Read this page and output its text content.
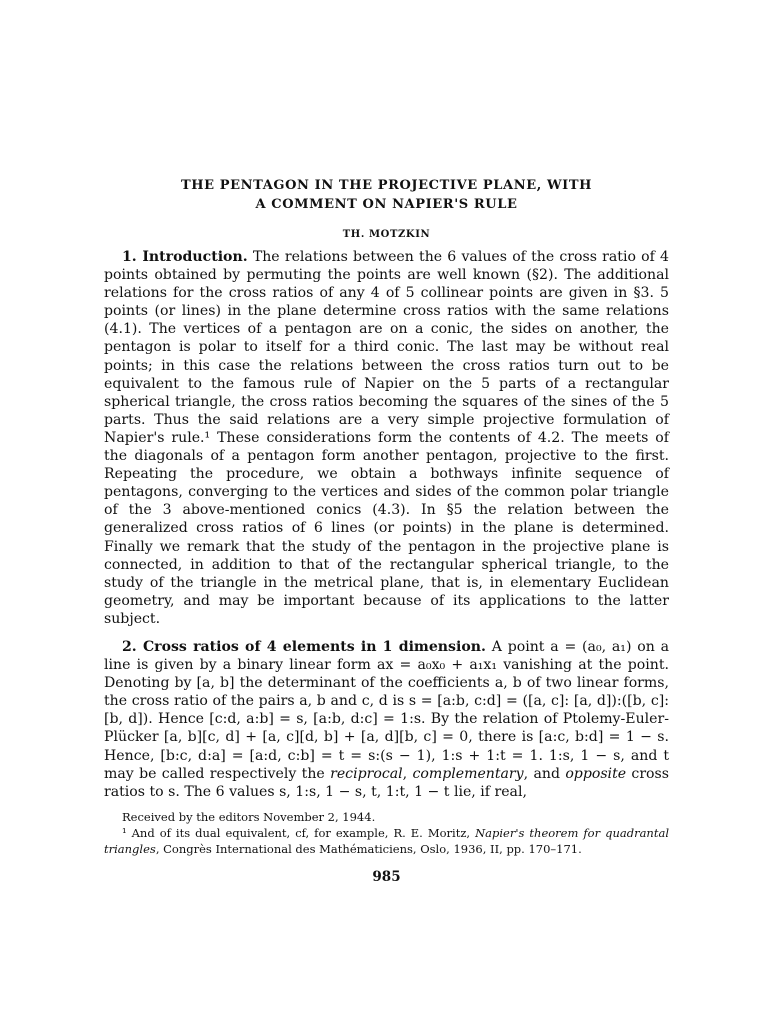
THE PENTAGON IN THE PROJECTIVE PLANE, WITH
A COMMENT ON NAPIER'S RULE
TH. MOTZKIN

1. Introduction. The relations between the 6 values of the cross ratio of 4 points obtained by permuting the points are well known (§2). The additional relations for the cross ratios of any 4 of 5 collinear points are given in §3. 5 points (or lines) in the plane determine cross ratios with the same relations (4.1). The vertices of a pentagon are on a conic, the sides on another, the pentagon is polar to itself for a third conic. The last may be without real points; in this case the relations between the cross ratios turn out to be equivalent to the famous rule of Napier on the 5 parts of a rectangular spherical triangle, the cross ratios becoming the squares of the sines of the 5 parts. Thus the said relations are a very simple projective formulation of Napier's rule.¹ These considerations form the contents of 4.2. The meets of the diagonals of a pentagon form another pentagon, projective to the first. Repeating the procedure, we obtain a bothways infinite sequence of pentagons, converging to the vertices and sides of the common polar triangle of the 3 above-mentioned conics (4.3). In §5 the relation between the generalized cross ratios of 6 lines (or points) in the plane is determined. Finally we remark that the study of the pentagon in the projective plane is connected, in addition to that of the rectangular spherical triangle, to the study of the triangle in the metrical plane, that is, in elementary Euclidean geometry, and may be important because of its applications to the latter subject.

2. Cross ratios of 4 elements in 1 dimension. A point a = (a₀, a₁) on a line is given by a binary linear form ax = a₀x₀ + a₁x₁ vanishing at the point. Denoting by [a, b] the determinant of the coefficients a, b of two linear forms, the cross ratio of the pairs a, b and c, d is s = [a:b, c:d] = ([a, c]: [a, d]):([b, c]: [b, d]). Hence [c:d, a:b] = s, [a:b, d:c] = 1:s. By the relation of Ptolemy-Euler-Plücker [a, b][c, d] + [a, c][d, b] + [a, d][b, c] = 0, there is [a:c, b:d] = 1 − s. Hence, [b:c, d:a] = [a:d, c:b] = t = s:(s − 1), 1:s + 1:t = 1. 1:s, 1 − s, and t may be called respectively the reciprocal, complementary, and opposite cross ratios to s. The 6 values s, 1:s, 1 − s, t, 1:t, 1 − t lie, if real,

Received by the editors November 2, 1944.

¹ And of its dual equivalent, cf, for example, R. E. Moritz, Napier's theorem for quadrantal triangles, Congrès International des Mathématiciens, Oslo, 1936, II, pp. 170–171.

985
